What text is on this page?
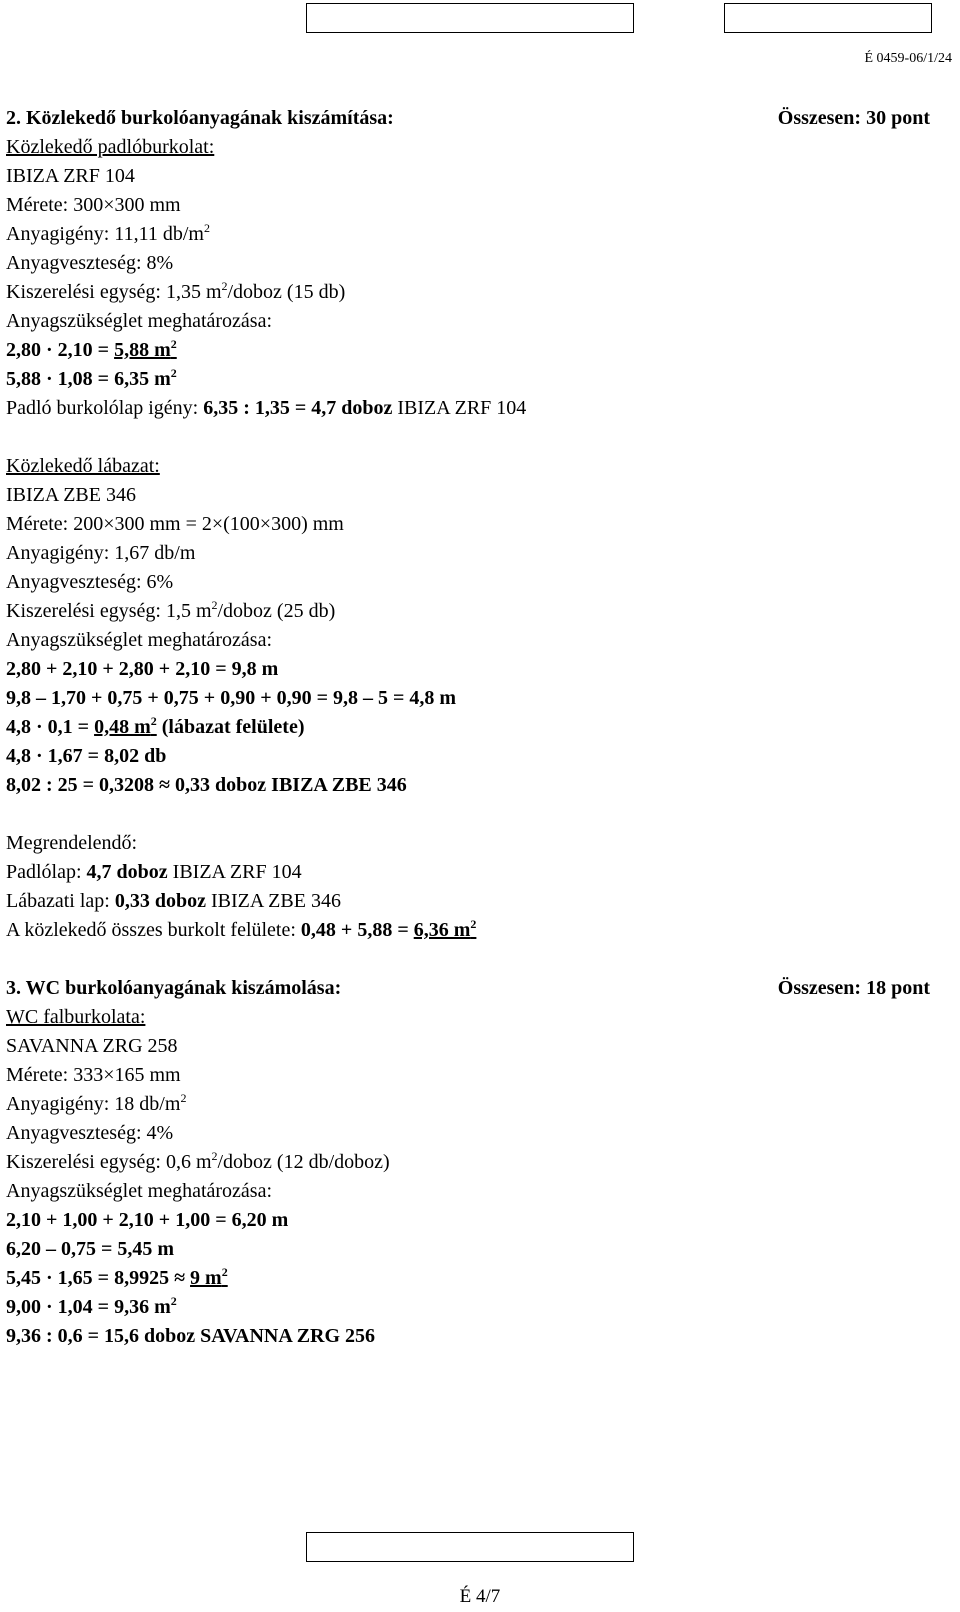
É 0459-06/1/24
2. Közlekedő burkolóanyagának kiszámítása:	Összesen: 30 pont
Közlekedő padlóburkolat:
IBIZA ZRF 104
Mérete: 300×300 mm
Anyagigény: 11,11 $db/m^2$
Anyagveszteség: 8%
Kiszerelési egység: 1,35 $m^2$/doboz (15 db)
Anyagszükséglet meghatározása:
2,80 · 2,10 = 5,88 $m^2$
5,88 · 1,08 = 6,35 $m^2$
Padló burkolólap igény: 6,35 : 1,35 = 4,7 doboz IBIZA ZRF 104
Közlekedő lábazat:
IBIZA ZBE 346
Mérete: 200×300 mm = 2×(100×300) mm
Anyagigény: 1,67 db/m
Anyagveszteség: 6%
Kiszerelési egység: 1,5 $m^2$/doboz (25 db)
Anyagszükséglet meghatározása:
2,80 + 2,10 + 2,80 + 2,10 = 9,8 m
9,8 – 1,70 + 0,75 + 0,75 + 0,90 + 0,90 = 9,8 – 5 = 4,8 m
4,8 · 0,1 = 0,48 $m^2$ (lábazat felülete)
4,8 · 1,67 = 8,02 db
8,02 : 25 = 0,3208 ≈ 0,33 doboz IBIZA ZBE 346
Megrendelendő:
Padlólap: 4,7 doboz IBIZA ZRF 104
Lábazati lap: 0,33 doboz IBIZA ZBE 346
A közlekedő összes burkolt felülete: 0,48 + 5,88 = 6,36 $m^2$
3. WC burkolóanyagának kiszámolása:	Összesen: 18 pont
WC falburkolata:
SAVANNA ZRG 258
Mérete: 333×165 mm
Anyagigény: 18 $db/m^2$
Anyagveszteség: 4%
Kiszerelési egység: 0,6 $m^2$/doboz (12 db/doboz)
Anyagszükséglet meghatározása:
2,10 + 1,00 + 2,10 + 1,00 = 6,20 m
6,20 – 0,75 = 5,45 m
5,45 · 1,65 = 8,9925 ≈ 9 $m^2$
9,00 · 1,04 = 9,36 $m^2$
9,36 : 0,6 = 15,6 doboz SAVANNA ZRG 256
É 4/7
